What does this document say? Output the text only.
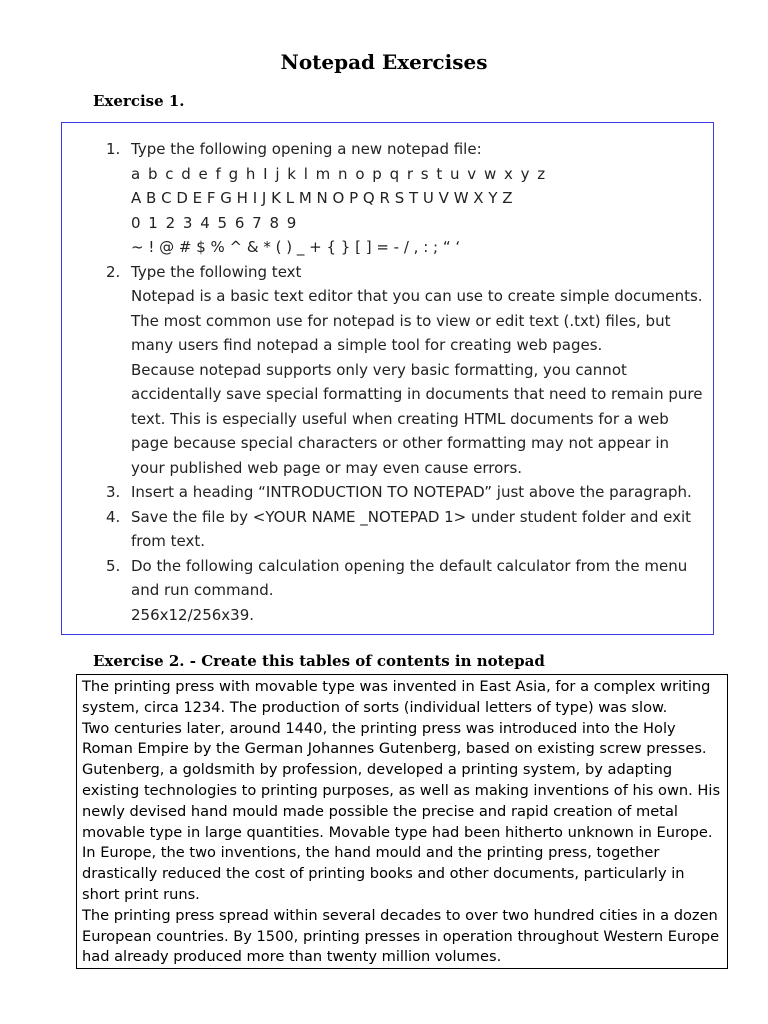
Notepad Exercises
Exercise 1.
1. Type the following opening a new notepad file:
a b c d e f g h I j k l m n o p q r s t u v w x y z
A B C D E F G H I J K L M N O P Q R S T U V W X Y Z
0 1 2 3 4 5 6 7 8 9
~ ! @ # $ % ^ & * ( ) _ + { } [ ] = - / , : ; “ ‘
2. Type the following text
Notepad is a basic text editor that you can use to create simple documents.
The most common use for notepad is to view or edit text (.txt) files, but
many users find notepad a simple tool for creating web pages.
Because notepad supports only very basic formatting, you cannot
accidentally save special formatting in documents that need to remain pure
text. This is especially useful when creating HTML documents for a web
page because special characters or other formatting may not appear in
your published web page or may even cause errors.
3. Insert a heading “INTRODUCTION TO NOTEPAD” just above the paragraph.
4. Save the file by <YOUR NAME _NOTEPAD 1> under student folder and exit
from text.
5. Do the following calculation opening the default calculator from the menu
and run command.
256x12/256x39.
Exercise 2. - Create this tables of contents in notepad

The printing press with movable type was invented in East Asia, for a complex writing system, circa 1234. The production of sorts (individual letters of type) was slow.

Two centuries later, around 1440, the printing press was introduced into the Holy Roman Empire by the German Johannes Gutenberg, based on existing screw presses.

Gutenberg, a goldsmith by profession, developed a printing system, by adapting existing technologies to printing purposes, as well as making inventions of his own. His newly devised hand mould made possible the precise and rapid creation of metal movable type in large quantities. Movable type had been hitherto unknown in Europe.

In Europe, the two inventions, the hand mould and the printing press, together drastically reduced the cost of printing books and other documents, particularly in short print runs.

The printing press spread within several decades to over two hundred cities in a dozen European countries. By 1500, printing presses in operation throughout Western Europe had already produced more than twenty million volumes.
